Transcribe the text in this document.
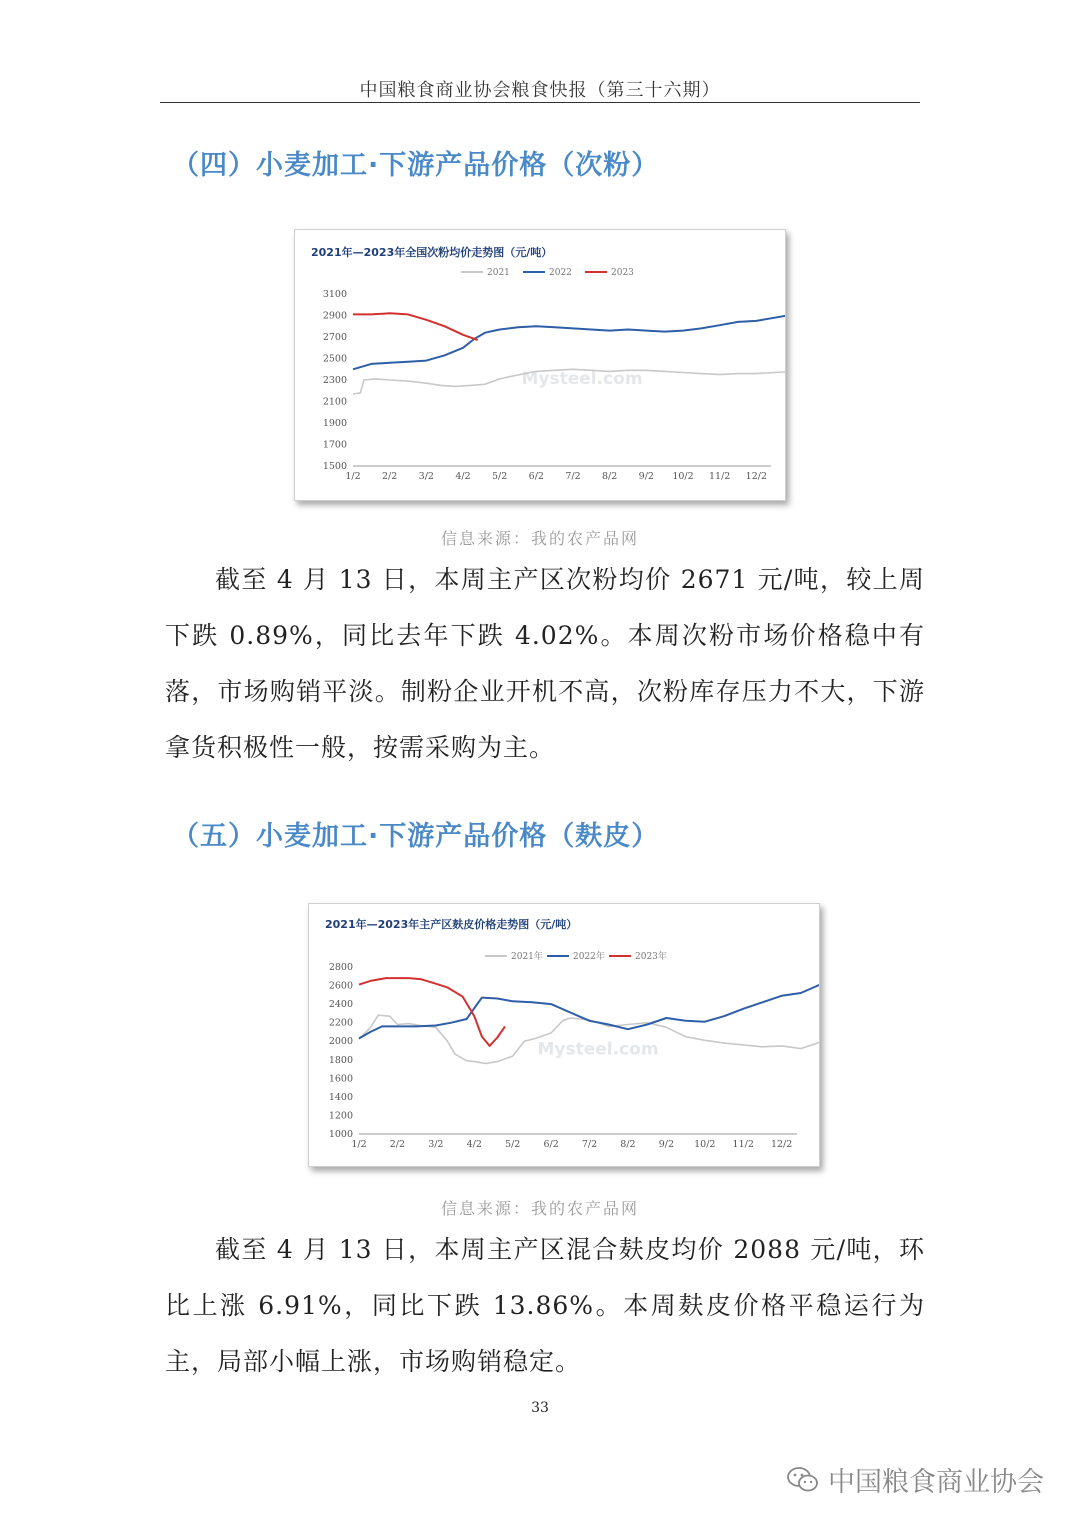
中国粮食商业协会粮食快报（第三十六期）
（四）小麦加工·下游产品价格（次粉）
2021年—2023年全国次粉均价走势图（元/吨）
2021	2022	2023
Mysteel.com
3100
2900
2700
2500
2300
2100
1900
1700
1500
1/2 2/2 3/2 4/2 5/2 6/2 7/2 8/2 9/2 10/2 11/2 12/2
信息来源：我的农产品网

截至 4 月 13 日，本周主产区次粉均价 2671 元/吨，较上周下跌 0.89%，同比去年下跌 4.02%。本周次粉市场价格稳中有落，市场购销平淡。制粉企业开机不高，次粉库存压力不大，下游拿货积极性一般，按需采购为主。

（五）小麦加工·下游产品价格（麸皮）
2021年—2023年主产区麸皮价格走势图（元/吨）
2021年	2022年	2023年
Mysteel.com
2800
2600
2400
2200
2000
1800
1600
1400
1200
1000
1/2 2/2 3/2 4/2 5/2 6/2 7/2 8/2 9/2 10/2 11/2 12/2
信息来源：我的农产品网

截至 4 月 13 日，本周主产区混合麸皮均价 2088 元/吨，环比上涨 6.91%，同比下跌 13.86%。本周麸皮价格平稳运行为主，局部小幅上涨，市场购销稳定。

33
中国粮食商业协会
